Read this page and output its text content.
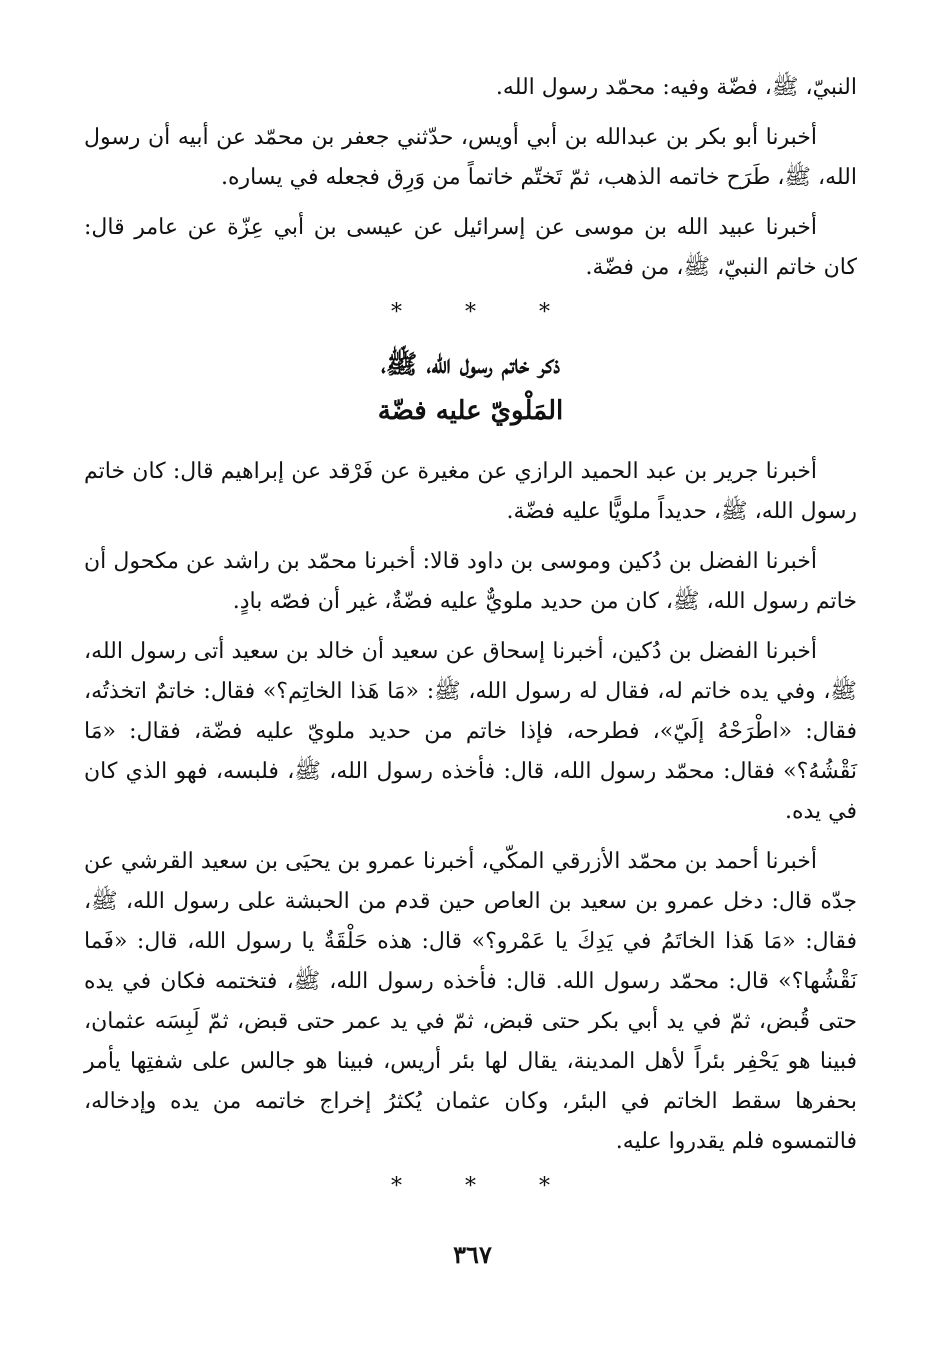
النبيّ، ﷺ، فضّة وفيه: محمّد رسول الله.

أخبرنا أبو بكر بن عبدالله بن أبي أويس، حدّثني جعفر بن محمّد عن أبيه أن رسول الله، ﷺ، طَرَح خاتمه الذهب، ثمّ تَختّم خاتماً من وَرِق فجعله في يساره.

أخبرنا عبيد الله بن موسى عن إسرائيل عن عيسى بن أبي عِزّة عن عامر قال: كان خاتم النبيّ، ﷺ، من فضّة.

* * *
ذكر خاتم رسول الله، ﷺ،
المَلْويّ عليه فضّة

أخبرنا جرير بن عبد الحميد الرازي عن مغيرة عن فَرْقد عن إبراهيم قال: كان خاتم رسول الله، ﷺ، حديداً ملويًّا عليه فضّة.

أخبرنا الفضل بن دُكين وموسى بن داود قالا: أخبرنا محمّد بن راشد عن مكحول أن خاتم رسول الله، ﷺ، كان من حديد ملويٌّ عليه فضّةٌ، غير أن فصّه بادٍ.

أخبرنا الفضل بن دُكين، أخبرنا إسحاق عن سعيد أن خالد بن سعيد أتى رسول الله، ﷺ، وفي يده خاتم له، فقال له رسول الله، ﷺ: «مَا هَذا الخاتِم؟» فقال: خاتمٌ اتخذتُه، فقال: «اطْرَحْهُ إلَيّ»، فطرحه، فإذا خاتم من حديد ملويّ عليه فضّة، فقال: «مَا نَقْشُهُ؟» فقال: محمّد رسول الله، قال: فأخذه رسول الله، ﷺ، فلبسه، فهو الذي كان في يده.

أخبرنا أحمد بن محمّد الأزرقي المكّي، أخبرنا عمرو بن يحيَى بن سعيد القرشي عن جدّه قال: دخل عمرو بن سعيد بن العاص حين قدم من الحبشة على رسول الله، ﷺ، فقال: «مَا هَذا الخاتَمُ في يَدِكَ يا عَمْرو؟» قال: هذه حَلْقَةٌ يا رسول الله، قال: «فَما نَقْشُها؟» قال: محمّد رسول الله. قال: فأخذه رسول الله، ﷺ، فتختمه فكان في يده حتى قُبض، ثمّ في يد أبي بكر حتى قبض، ثمّ في يد عمر حتى قبض، ثمّ لَبِسَه عثمان، فبينا هو يَحْفِر بئراً لأهل المدينة، يقال لها بئر أريس، فبينا هو جالس على شفتِها يأمر بحفرها سقط الخاتم في البئر، وكان عثمان يُكثرُ إخراج خاتمه من يده وإدخاله، فالتمسوه فلم يقدروا عليه.

* * *
٣٦٧
